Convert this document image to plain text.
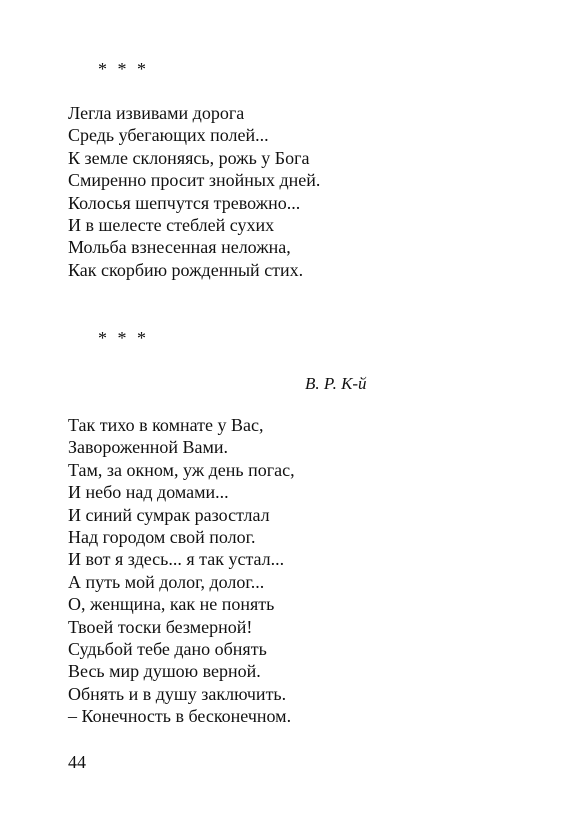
* * *
Легла извивами дорога
Средь убегающих полей...
К земле склоняясь, рожь у Бога
Смиренно просит знойных дней.
Колосья шепчутся тревожно...
И в шелесте стеблей сухих
Мольба взнесенная неложна,
Как скорбию рожденный стих.
* * *
В. Р. К-й
Так тихо в комнате у Вас,
Завороженной Вами.
Там, за окном, уж день погас,
И небо над домами...
И синий сумрак разостлал
Над городом свой полог.
И вот я здесь... я так устал...
А путь мой долог, долог...
О, женщина, как не понять
Твоей тоски безмерной!
Судьбой тебе дано обнять
Весь мир душою верной.
Обнять и в душу заключить.
– Конечность в бесконечном.
44
